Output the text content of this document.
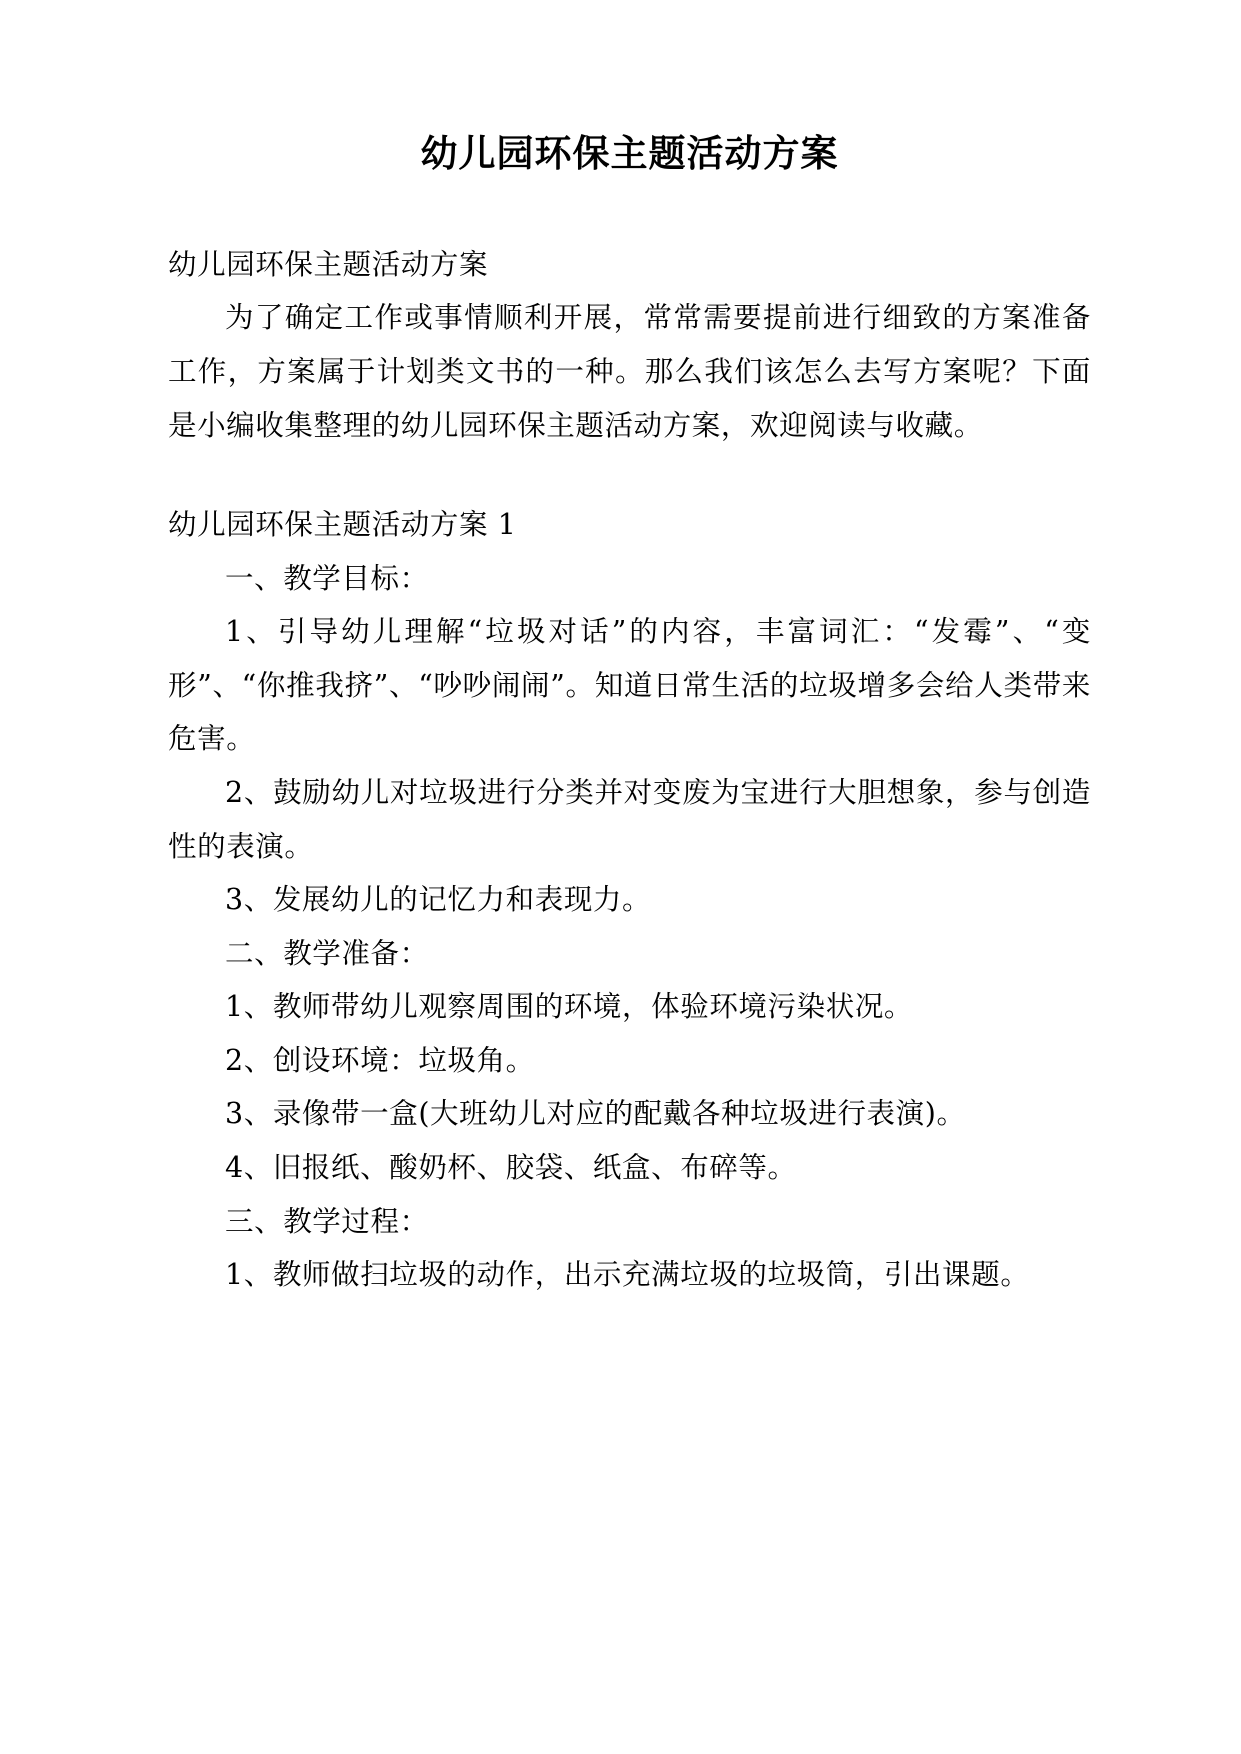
幼儿园环保主题活动方案

幼儿园环保主题活动方案

为了确定工作或事情顺利开展，常常需要提前进行细致的方案准备工作，方案属于计划类文书的一种。那么我们该怎么去写方案呢？下面是小编收集整理的幼儿园环保主题活动方案，欢迎阅读与收藏。

幼儿园环保主题活动方案 1

一、教学目标：

1、引导幼儿理解“垃圾对话”的内容，丰富词汇：“发霉”、“变形”、“你推我挤”、“吵吵闹闹”。知道日常生活的垃圾增多会给人类带来危害。

2、鼓励幼儿对垃圾进行分类并对变废为宝进行大胆想象，参与创造性的表演。

3、发展幼儿的记忆力和表现力。

二、教学准备：

1、教师带幼儿观察周围的环境，体验环境污染状况。

2、创设环境：垃圾角。

3、录像带一盒(大班幼儿对应的配戴各种垃圾进行表演)。

4、旧报纸、酸奶杯、胶袋、纸盒、布碎等。

三、教学过程：

1、教师做扫垃圾的动作，出示充满垃圾的垃圾筒，引出课题。
